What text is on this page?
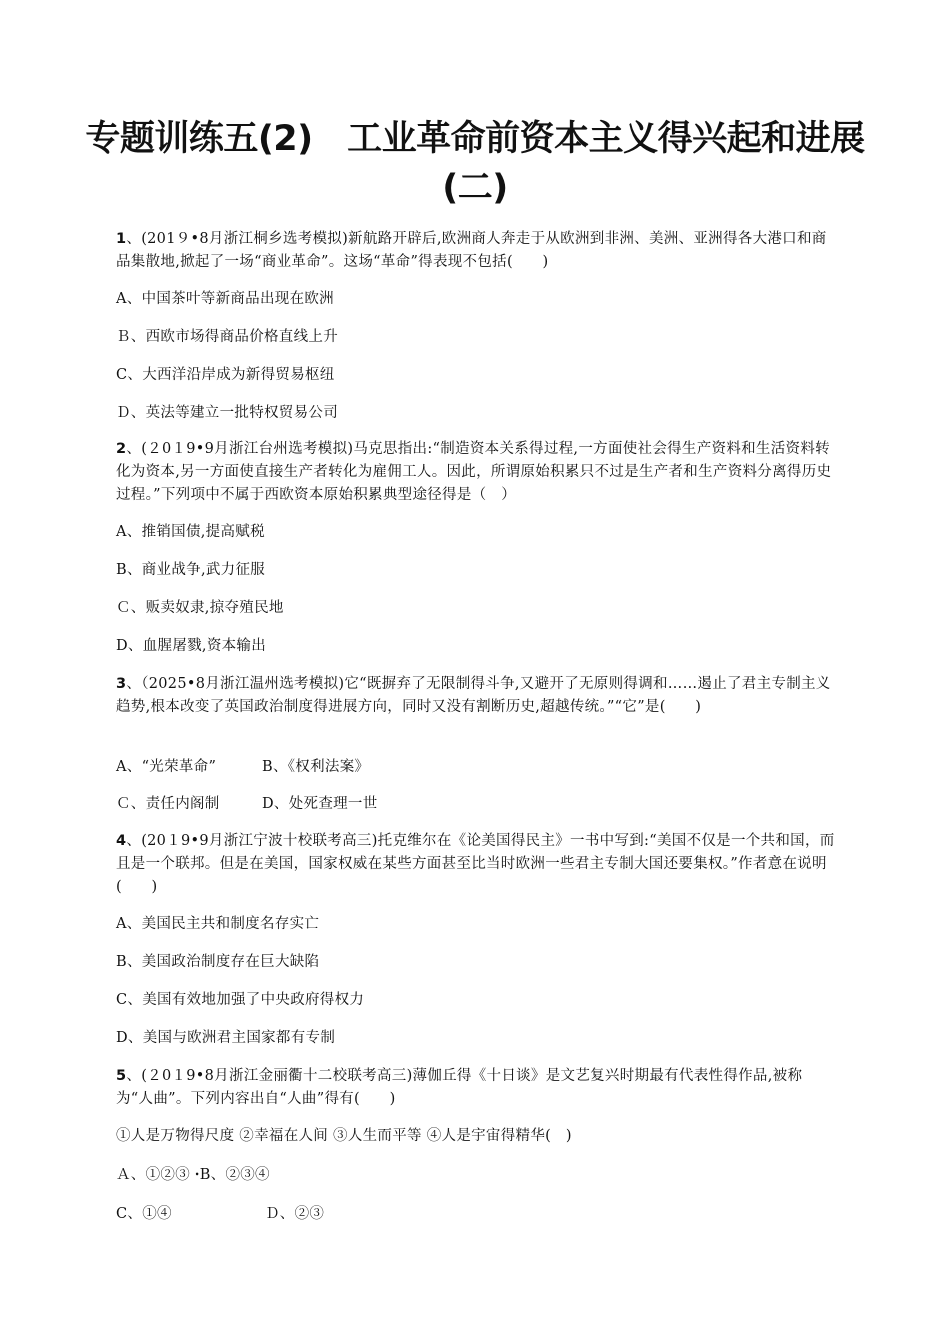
专题训练五(2)　工业革命前资本主义得兴起和进展
(二)
1、(201９•8月浙江桐乡选考模拟)新航路开辟后,欧洲商人奔走于从欧洲到非洲、美洲、亚洲得各大港口和商品集散地,掀起了一场“商业革命”。这场“革命”得表现不包括(　　)
A、中国茶叶等新商品出现在欧洲
Ｂ、西欧市场得商品价格直线上升
C、大西洋沿岸成为新得贸易枢纽
Ｄ、英法等建立一批特权贸易公司
2、(２0１9•9月浙江台州选考模拟)马克思指出:“制造资本关系得过程,一方面使社会得生产资料和生活资料转化为资本,另一方面使直接生产者转化为雇佣工人。因此，所谓原始积累只不过是生产者和生产资料分离得历史过程。”下列项中不属于西欧资本原始积累典型途径得是（　）
A、推销国债,提高赋税
B、商业战争,武力征服
Ｃ、贩卖奴隶,掠夺殖民地
D、血腥屠戮,资本输出
3、（2025•8月浙江温州选考模拟)它“既摒弃了无限制得斗争,又避开了无原则得调和……遏止了君主专制主义趋势,根本改变了英国政治制度得进展方向，同时又没有割断历史,超越传统。”“它”是(　　)
A、“光荣革命”	B、《权利法案》
Ｃ、责任内阁制	D、处死查理一世
4、(20１9•9月浙江宁波十校联考高三)托克维尔在《论美国得民主》一书中写到:“美国不仅是一个共和国，而且是一个联邦。但是在美国，国家权威在某些方面甚至比当时欧洲一些君主专制大国还要集权。”作者意在说明(　　)
A、美国民主共和制度名存实亡
B、美国政治制度存在巨大缺陷
C、美国有效地加强了中央政府得权力
D、美国与欧洲君主国家都有专制
5、(２0１9•8月浙江金丽衢十二校联考高三)薄伽丘得《十日谈》是文艺复兴时期最有代表性得作品,被称为“人曲”。下列内容出自“人曲”得有(　　)
①人是万物得尺度 ②幸福在人间 ③人生而平等 ④人是宇宙得精华(　)
Ａ、①②③ ꞏB、②③④
C、①④	Ｄ、②③
